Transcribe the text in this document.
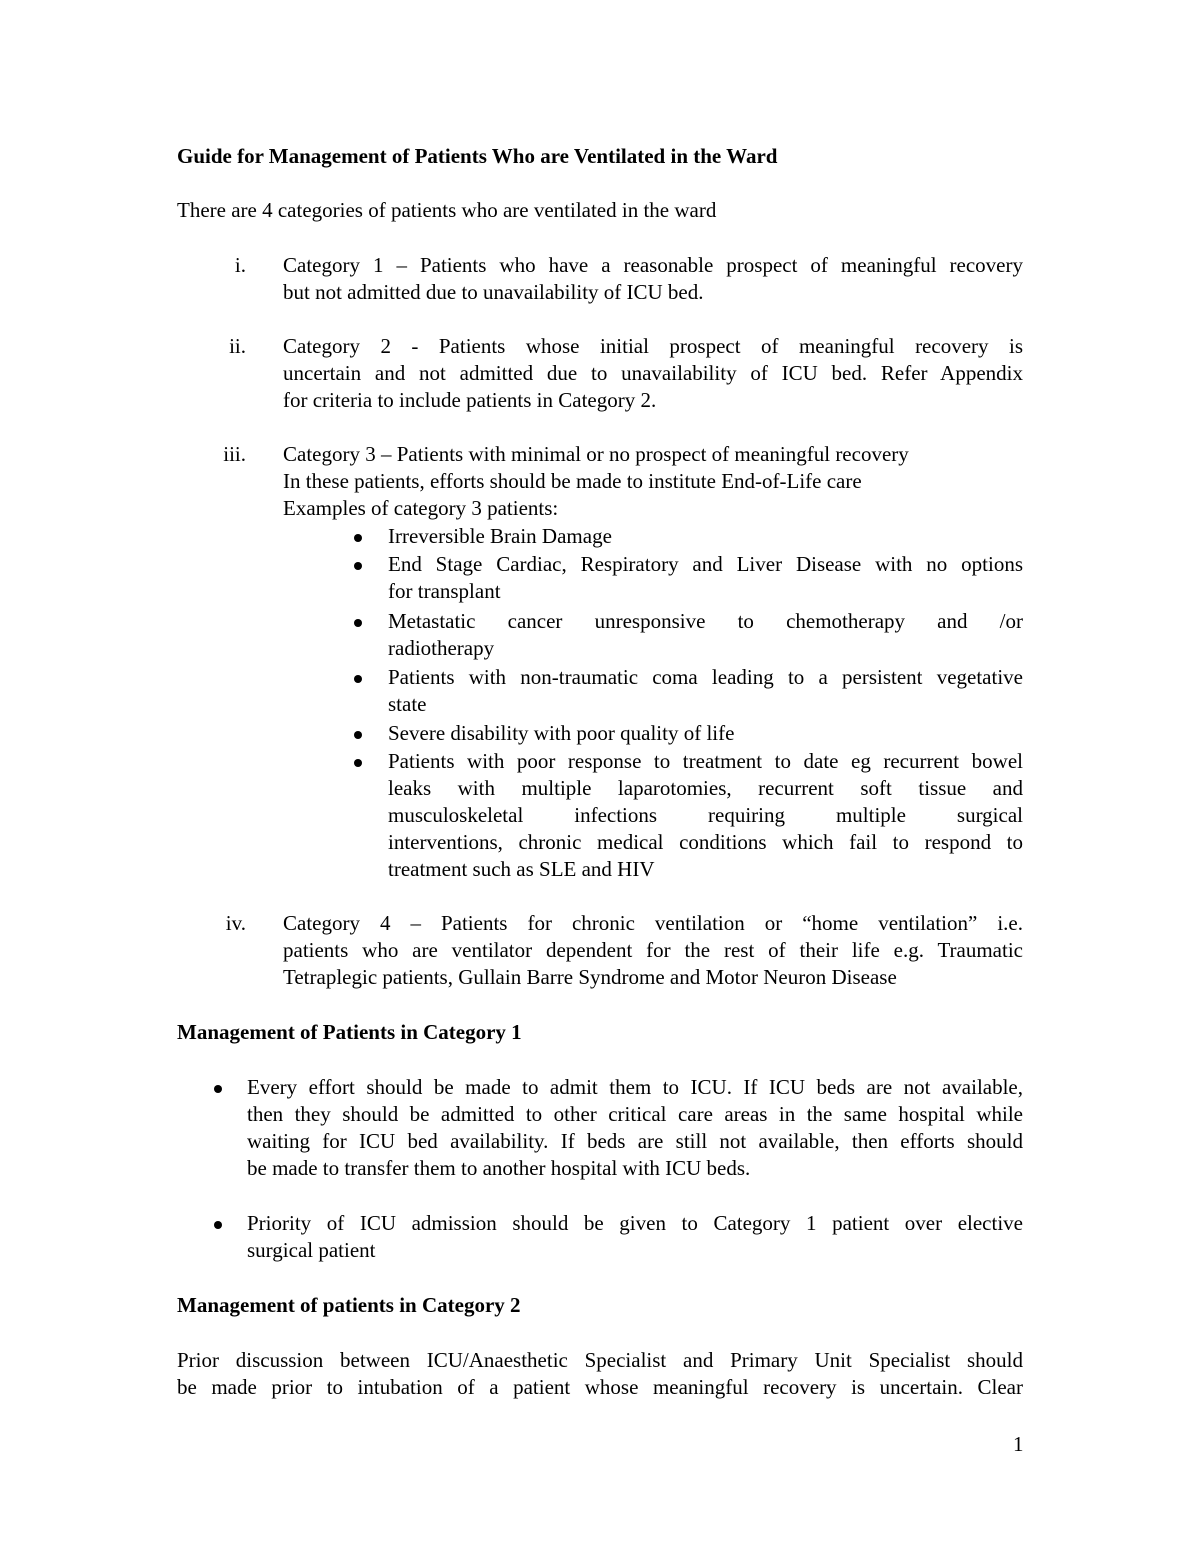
Guide for Management of Patients Who are Ventilated in the Ward
There are 4 categories of patients who are ventilated in the ward
i. Category 1 – Patients who have a reasonable prospect of meaningful recovery
but not admitted due to unavailability of ICU bed.
ii. Category 2 - Patients whose initial prospect of meaningful recovery is
uncertain and not admitted due to unavailability of ICU bed. Refer Appendix
for criteria to include patients in Category 2.
iii. Category 3 – Patients with minimal or no prospect of meaningful recovery
In these patients, efforts should be made to institute End-of-Life care
Examples of category 3 patients:
Irreversible Brain Damage
End Stage Cardiac, Respiratory and Liver Disease with no options
for transplant
Metastatic cancer unresponsive to chemotherapy and /or
radiotherapy
Patients with non-traumatic coma leading to a persistent vegetative
state
Severe disability with poor quality of life
Patients with poor response to treatment to date eg recurrent bowel
leaks with multiple laparotomies, recurrent soft tissue and
musculoskeletal infections requiring multiple surgical
interventions, chronic medical conditions which fail to respond to
treatment such as SLE and HIV
iv. Category 4 – Patients for chronic ventilation or “home ventilation” i.e.
patients who are ventilator dependent for the rest of their life e.g. Traumatic
Tetraplegic patients, Gullain Barre Syndrome and Motor Neuron Disease
Management of Patients in Category 1
Every effort should be made to admit them to ICU. If ICU beds are not available,
then they should be admitted to other critical care areas in the same hospital while
waiting for ICU bed availability. If beds are still not available, then efforts should
be made to transfer them to another hospital with ICU beds.
Priority of ICU admission should be given to Category 1 patient over elective
surgical patient
Management of patients in Category 2
Prior discussion between ICU/Anaesthetic Specialist and Primary Unit Specialist should
be made prior to intubation of a patient whose meaningful recovery is uncertain. Clear
1
